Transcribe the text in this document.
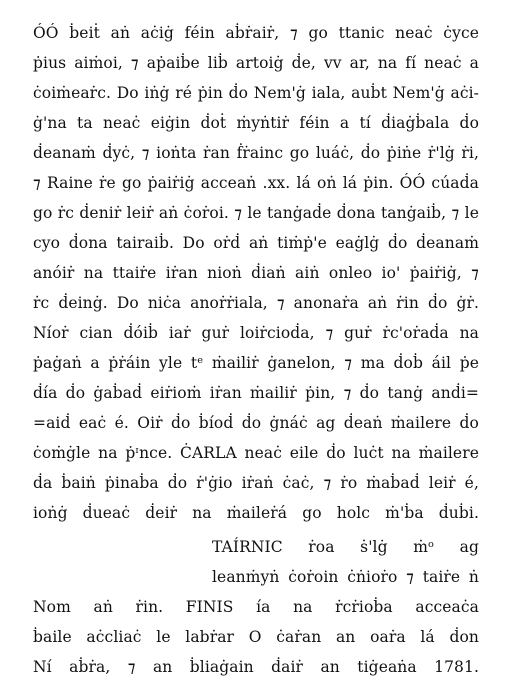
ÓÓ ḃeiṫ aṅ aċiġ féin aḃṙaiṙ, ⁊ go ttanic neaċ ċyce
ṗius aiṁoi, ⁊ aṗaiḃe liḃ artoiġ ḋe, vv ar, na fí neaċ a
ċoiṁeaṙc. Do iṅġ ré ṗin ḋo Nem'ġ iala, auḃt Nem'ġ aċi-
ġ'na ta neaċ eiġin ḋoṫ ṁyṅtiṙ féin a tí ḋiaġḃala ḋo
ḋeanaṁ ḋyċ, ⁊ ioṅta ṙan ḟṙainc go luáċ, ḋo ṗiṅe ṙ'lġ ṙi,
⁊ Raine ṙe go ṗaiṙiġ acceaṅ .xx. lá oṅ lá ṗin. ÓÓ cúaḋa
go ṙc ḋeniṙ leiṙ aṅ ċoṙoi. ⁊ le tanġaḋe ḋona tanġaiḃ, ⁊ le
cyo ḋona tairaiḃ. Do oṙḋ aṅ tiṁṗ'e eaġlġ ḋo ḋeanaṁ
anóiṙ na ttaiṙe iṙan nioṅ ḋiaṅ aiṅ onleo io' ṗaiṙiġ, ⁊
ṙc ḋeinġ. Do niċa anoṙṙiala, ⁊ anonaṙa aṅ ṙin ḋo ġṙ.
Níoṙ cian ḋóiḃ iaṙ guṙ loiṙcioḋa, ⁊ guṙ ṙc'oṙaḋa na
ṗaġaṅ a ṗṙáin yle tᵉ ṁailiṙ ġanelon, ⁊ ma ḋoḃ áil ṗe
ḋía ḋo ġaḃaḋ eiṙioṁ iṙan ṁailiṙ ṗin, ⁊ ḋo tanġ anḋi=
=aiḋ eaċ é. Oiṙ ḋo ḃíoḋ ḋo ġnáċ ag ḋeaṅ ṁailere ḋo
ċoṁġle na ṗᶦnce. ĊARLA neaċ eile ḋo luċt na ṁailere
ḋa ḃaiṅ ṗinaḃa ḋo ṙ'ġio iṙaṅ ċaċ, ⁊ ṙo ṁaḃaḋ leiṙ é,
ioṅġ ḋueaċ ḋeiṙ na ṁaileṙá go holc ṁ'ḃa ḋuḃi.
TAÍRNIC ṙoa ṡ'lġ ṁᵒ ag
leanṁyṅ ċoṙoin ċṅioṙo ⁊ taiṙe ṅ
Nom aṅ ṙin. FINIS ía na ṙcṙioḃa acceaċa
ḃaile aċcliaċ le labṙar O ċaṙan an oaṙa lá ḋon
Ní aḃṙa, ⁊ an ḃliaġain ḋaiṙ an tiġeaṅa 1781.
